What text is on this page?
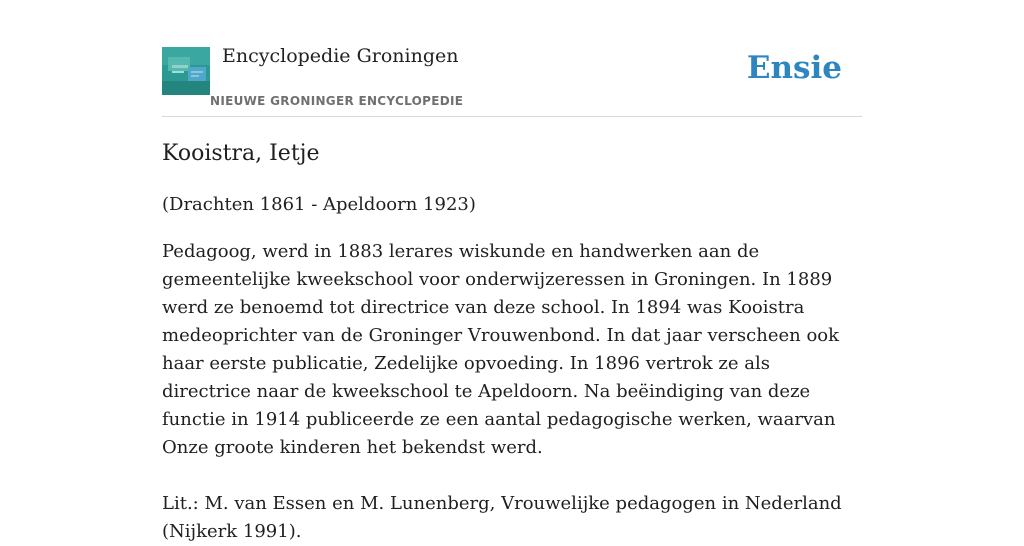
Encyclopedie Groningen
NIEUWE GRONINGER ENCYCLOPEDIE
Ensie
Kooistra, Ietje

(Drachten 1861 - Apeldoorn 1923)

Pedagoog, werd in 1883 lerares wiskunde en handwerken aan de gemeentelijke kweekschool voor onderwijzeressen in Groningen. In 1889 werd ze benoemd tot directrice van deze school. In 1894 was Kooistra medeoprichter van de Groninger Vrouwenbond. In dat jaar verscheen ook haar eerste publicatie, Zedelijke opvoeding. In 1896 vertrok ze als directrice naar de kweekschool te Apeldoorn. Na beëindiging van deze functie in 1914 publiceerde ze een aantal pedagogische werken, waarvan Onze groote kinderen het bekendst werd.

Lit.: M. van Essen en M. Lunenberg, Vrouwelijke pedagogen in Nederland (Nijkerk 1991).
